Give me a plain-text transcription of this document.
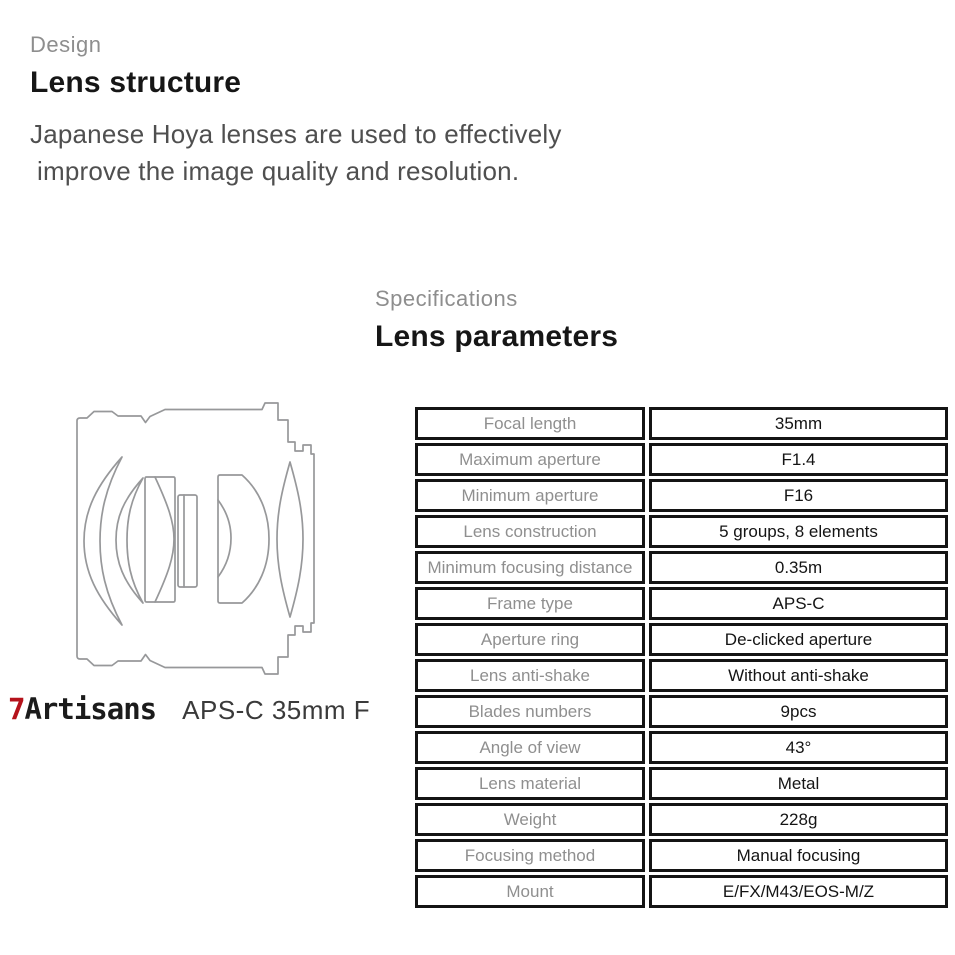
Design
Lens structure
Japanese Hoya lenses are used to effectively
improve the image quality and resolution.
Specifications
Lens parameters
7Artisans APS-C 35mm F
Focal length	35mm
Maximum aperture	F1.4
Minimum aperture	F16
Lens construction	5 groups, 8 elements
Minimum focusing distance	0.35m
Frame type	APS-C
Aperture ring	De-clicked aperture
Lens anti-shake	Without anti-shake
Blades numbers	9pcs
Angle of view	43°
Lens material	Metal
Weight	228g
Focusing method	Manual focusing
Mount	E/FX/M43/EOS-M/Z
